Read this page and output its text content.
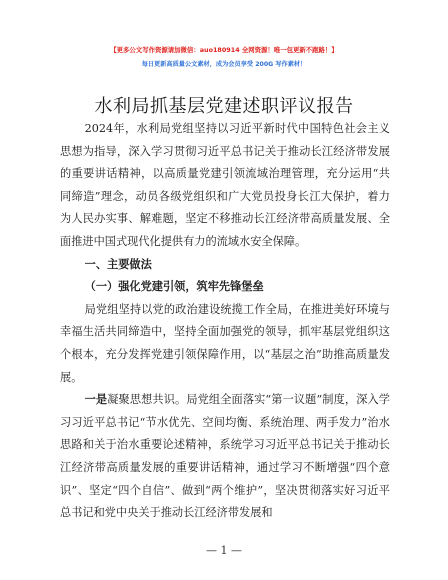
【更多公文写作资源请加微信：auo180914 全网资源！唯一包更新不跑路！】
每日更新高质量公文素材，成为会员享受 200G 写作素材！
水利局抓基层党建述职评议报告

2024年，水利局党组坚持以习近平新时代中国特色社会主义思想为指导，深入学习贯彻习近平总书记关于推动长江经济带发展的重要讲话精神，以高质量党建引领流域治理管理，充分运用“共同缔造”理念，动员各级党组织和广大党员投身长江大保护，着力为人民办实事、解难题，坚定不移推动长江经济带高质量发展、全面推进中国式现代化提供有力的流域水安全保障。

一、主要做法

（一）强化党建引领，筑牢先锋堡垒

局党组坚持以党的政治建设统揽工作全局，在推进美好环境与幸福生活共同缔造中，坚持全面加强党的领导，抓牢基层党组织这个根本，充分发挥党建引领保障作用，以“基层之治”助推高质量发展。

一是凝聚思想共识。局党组全面落实“第一议题”制度，深入学习习近平总书记“节水优先、空间均衡、系统治理、两手发力”治水思路和关于治水重要论述精神，系统学习习近平总书记关于推动长江经济带高质量发展的重要讲话精神，通过学习不断增强“四个意识”、坚定“四个自信”、做到“两个维护”，坚决贯彻落实好习近平总书记和党中央关于推动长江经济带发展和

— 1 —
